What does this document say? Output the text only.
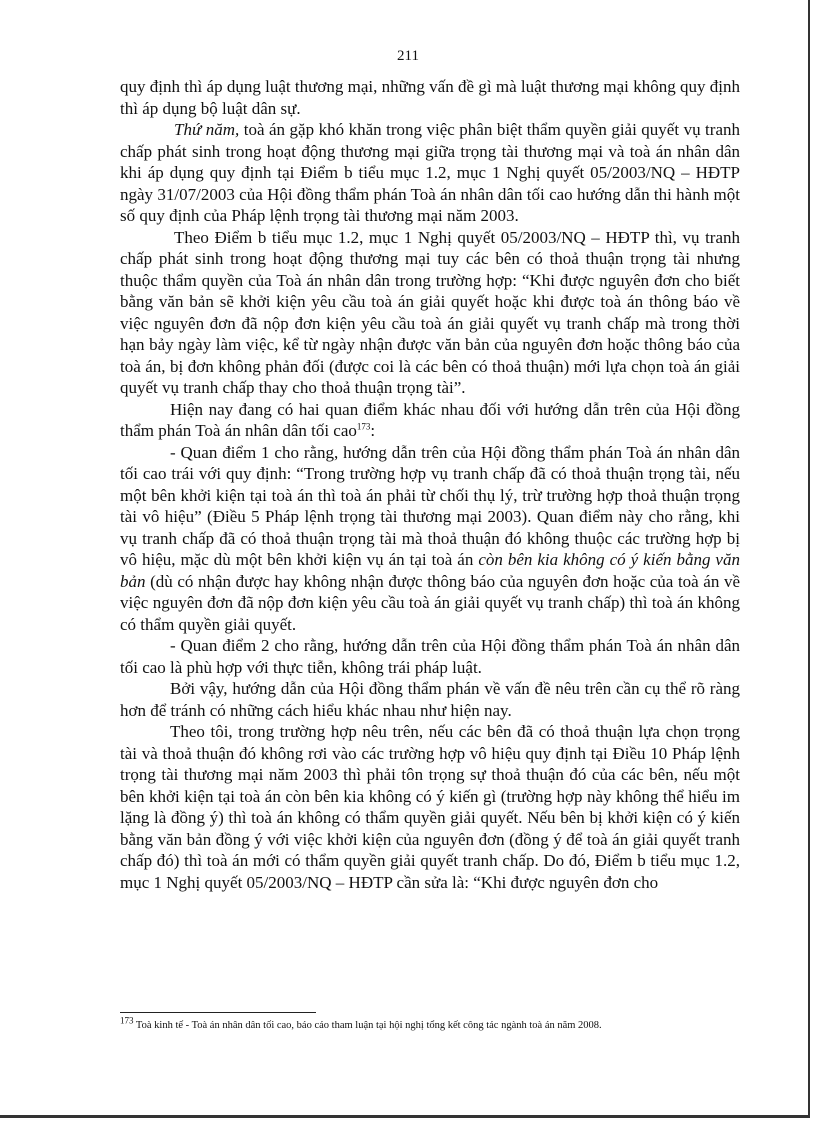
211

quy định thì áp dụng luật thương mại, những vấn đề gì mà luật thương mại không quy định thì áp dụng bộ luật dân sự.

Thứ năm, toà án gặp khó khăn trong việc phân biệt thẩm quyền giải quyết vụ tranh chấp phát sinh trong hoạt động thương mại giữa trọng tài thương mại và toà án nhân dân khi áp dụng quy định tại Điểm b tiểu mục 1.2, mục 1 Nghị quyết 05/2003/NQ – HĐTP ngày 31/07/2003 của Hội đồng thẩm phán Toà án nhân dân tối cao hướng dẫn thi hành một số quy định của Pháp lệnh trọng tài thương mại năm 2003.

Theo Điểm b tiểu mục 1.2, mục 1 Nghị quyết 05/2003/NQ – HĐTP thì, vụ tranh chấp phát sinh trong hoạt động thương mại tuy các bên có thoả thuận trọng tài nhưng thuộc thẩm quyền của Toà án nhân dân trong trường hợp: “Khi được nguyên đơn cho biết bằng văn bản sẽ khởi kiện yêu cầu toà án giải quyết hoặc khi được toà án thông báo về việc nguyên đơn đã nộp đơn kiện yêu cầu toà án giải quyết vụ tranh chấp mà trong thời hạn bảy ngày làm việc, kể từ ngày nhận được văn bản của nguyên đơn hoặc thông báo của toà án, bị đơn không phản đối (được coi là các bên có thoả thuận) mới lựa chọn toà án giải quyết vụ tranh chấp thay cho thoả thuận trọng tài”.

Hiện nay đang có hai quan điểm khác nhau đối với hướng dẫn trên của Hội đồng thẩm phán Toà án nhân dân tối cao$^{173}$:

- Quan điểm 1 cho rằng, hướng dẫn trên của Hội đồng thẩm phán Toà án nhân dân tối cao trái với quy định: “Trong trường hợp vụ tranh chấp đã có thoả thuận trọng tài, nếu một bên khởi kiện tại toà án thì toà án phải từ chối thụ lý, trừ trường hợp thoả thuận trọng tài vô hiệu” (Điều 5 Pháp lệnh trọng tài thương mại 2003). Quan điểm này cho rằng, khi vụ tranh chấp đã có thoả thuận trọng tài mà thoả thuận đó không thuộc các trường hợp bị vô hiệu, mặc dù một bên khởi kiện vụ án tại toà án còn bên kia không có ý kiến bằng văn bản (dù có nhận được hay không nhận được thông báo của nguyên đơn hoặc của toà án về việc nguyên đơn đã nộp đơn kiện yêu cầu toà án giải quyết vụ tranh chấp) thì toà án không có thẩm quyền giải quyết.

- Quan điểm 2 cho rằng, hướng dẫn trên của Hội đồng thẩm phán Toà án nhân dân tối cao là phù hợp với thực tiễn, không trái pháp luật.

Bởi vậy, hướng dẫn của Hội đồng thẩm phán về vấn đề nêu trên cần cụ thể rõ ràng hơn để tránh có những cách hiểu khác nhau như hiện nay.

Theo tôi, trong trường hợp nêu trên, nếu các bên đã có thoả thuận lựa chọn trọng tài và thoả thuận đó không rơi vào các trường hợp vô hiệu quy định tại Điều 10 Pháp lệnh trọng tài thương mại năm 2003 thì phải tôn trọng sự thoả thuận đó của các bên, nếu một bên khởi kiện tại toà án còn bên kia không có ý kiến gì (trường hợp này không thể hiểu im lặng là đồng ý) thì toà án không có thẩm quyền giải quyết. Nếu bên bị khởi kiện có ý kiến bằng văn bản đồng ý với việc khởi kiện của nguyên đơn (đồng ý để toà án giải quyết tranh chấp đó) thì toà án mới có thẩm quyền giải quyết tranh chấp. Do đó, Điểm b tiểu mục 1.2, mục 1 Nghị quyết 05/2003/NQ – HĐTP cần sửa là: “Khi được nguyên đơn cho

173 Toà kinh tế - Toà án nhân dân tối cao, báo cáo tham luận tại hội nghị tổng kết công tác ngành toà án năm 2008.
